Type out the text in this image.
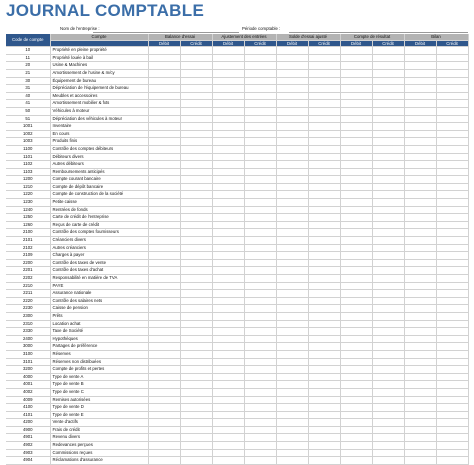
JOURNAL COMPTABLE
Nom de l'entreprise :	Période comptable :
Code de compte	Compte	Balance d'essai		Ajustement des entrées		Solde d'essai ajusté		Compte de résultat		Bilan	
		Débit	Crédit	Débit	Crédit	Débit	Crédit	Débit	Crédit	Débit	Crédit
10	Propriété en pleine propriété										
11	Propriété louée à bail										
20	Usine & Machines										
21	Amortissement de l'usine & m/cy										
30	Équipement de bureau										
31	Dépréciation de l'équipement de bureau										
40	Meubles et accessoires										
41	Amortissement mobilier & fxts										
50	Véhicules à moteur										
51	Dépréciation des véhicules à moteur										
1001	Inventaire										
1002	En cours										
1003	Produits finis										
1100	Contrôle des comptes débiteurs										
1101	Débiteurs divers										
1102	Autres débiteurs										
1103	Remboursements anticipés										
1200	Compte courant bancaire										
1210	Compte de dépôt bancaire										
1220	Compte de construction de la société										
1230	Petite caisse										
1240	Rentrées de fonds										
1250	Carte de crédit de l'entreprise										
1260	Reçus de carte de crédit										
2100	Contrôle des comptes fournisseurs										
2101	Créanciers divers										
2102	Autres créanciers										
2109	Charges à payer										
2200	Contrôle des taxes de vente										
2201	Contrôle des taxes d'achat										
2202	Responsabilité en matière de TVA										
2210	PAYE										
2211	Assurance nationale										
2220	Contrôle des salaires nets										
2230	Caisse de pension										
2300	Prêts										
2310	Location achat										
2330	Taxe de Société										
2400	Hypothèques										
3000	Partages de préférence										
3100	Réserves										
3101	Réserves non distribuées										
3200	Compte de profits et pertes										
4000	Type de vente A										
4001	Type de vente B										
4002	Type de vente C										
4009	Remises autorisées										
4100	Type de vente D										
4101	Type de vente E										
4200	Vente d'actifs										
4900	Frais de crédit										
4901	Revenu divers										
4902	Redevances perçues										
4903	Commissions reçues										
4904	Réclamations d'assurance										
